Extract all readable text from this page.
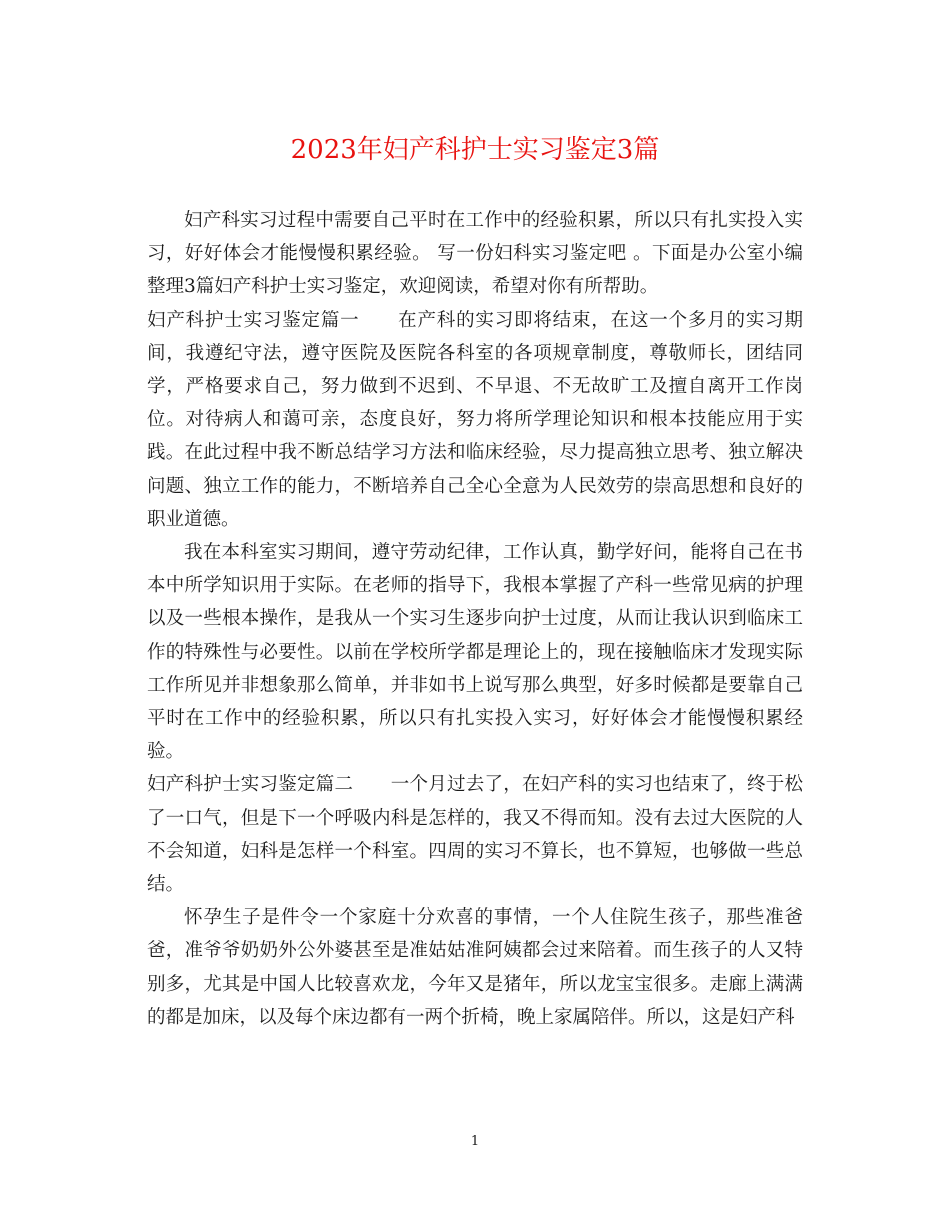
2023年妇产科护士实习鉴定3篇

妇产科实习过程中需要自己平时在工作中的经验积累，所以只有扎实投入实习，好好体会才能慢慢积累经验。 写一份妇科实习鉴定吧 。下面是办公室小编整理3篇妇产科护士实习鉴定，欢迎阅读，希望对你有所帮助。

妇产科护士实习鉴定篇一　　在产科的实习即将结束，在这一个多月的实习期间，我遵纪守法，遵守医院及医院各科室的各项规章制度，尊敬师长，团结同学，严格要求自己，努力做到不迟到、不早退、不无故旷工及擅自离开工作岗位。对待病人和蔼可亲，态度良好，努力将所学理论知识和根本技能应用于实践。在此过程中我不断总结学习方法和临床经验，尽力提高独立思考、独立解决问题、独立工作的能力，不断培养自己全心全意为人民效劳的崇高思想和良好的职业道德。

我在本科室实习期间，遵守劳动纪律，工作认真，勤学好问，能将自己在书本中所学知识用于实际。在老师的指导下，我根本掌握了产科一些常见病的护理以及一些根本操作，是我从一个实习生逐步向护士过度，从而让我认识到临床工作的特殊性与必要性。以前在学校所学都是理论上的，现在接触临床才发现实际工作所见并非想象那么简单，并非如书上说写那么典型，好多时候都是要靠自己平时在工作中的经验积累，所以只有扎实投入实习，好好体会才能慢慢积累经验。

妇产科护士实习鉴定篇二　　一个月过去了，在妇产科的实习也结束了，终于松了一口气，但是下一个呼吸内科是怎样的，我又不得而知。没有去过大医院的人不会知道，妇科是怎样一个科室。四周的实习不算长，也不算短，也够做一些总结。

怀孕生子是件令一个家庭十分欢喜的事情，一个人住院生孩子，那些准爸爸，准爷爷奶奶外公外婆甚至是准姑姑准阿姨都会过来陪着。而生孩子的人又特别多，尤其是中国人比较喜欢龙，今年又是猪年，所以龙宝宝很多。走廊上满满的都是加床，以及每个床边都有一两个折椅，晚上家属陪伴。所以，这是妇产科

1
